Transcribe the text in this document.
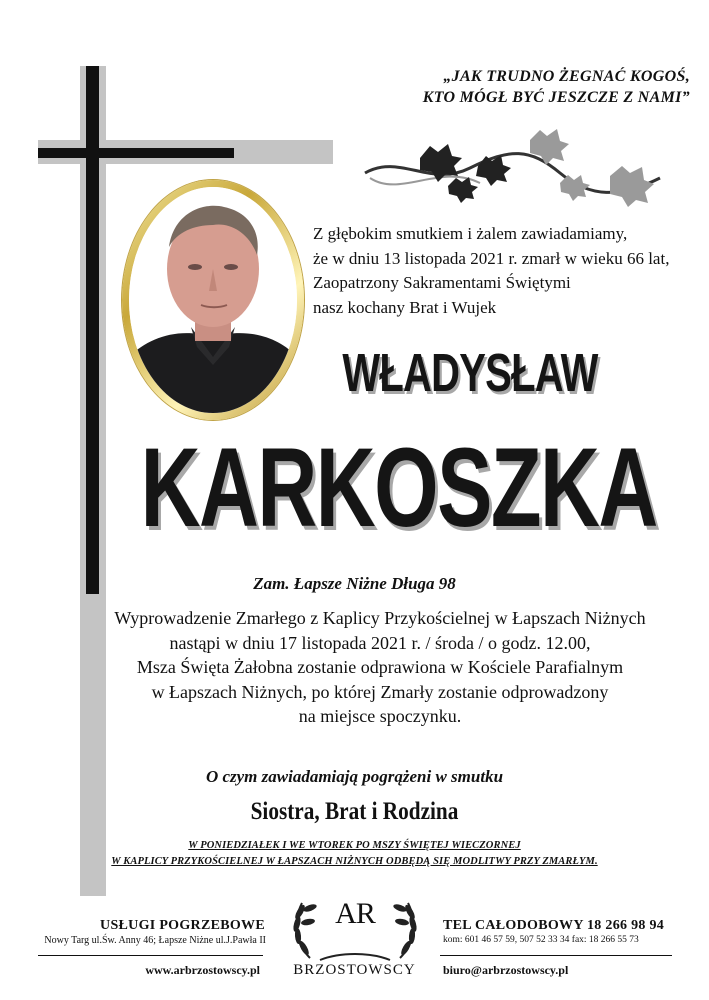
„JAK TRUDNO ŻEGNAĆ KOGOŚ,
KTO MÓGŁ BYĆ JESZCZE Z NAMI”
Z głębokim smutkiem i żalem zawiadamiamy,
że w dniu 13 listopada 2021 r. zmarł w wieku 66 lat,
Zaopatrzony Sakramentami Świętymi
nasz kochany Brat i Wujek
WŁADYSŁAW
KARKOSZKA
Zam. Łapsze Niżne Długa 98
Wyprowadzenie Zmarłego z Kaplicy Przykościelnej w Łapszach Niżnych
nastąpi w dniu 17 listopada 2021 r. / środa / o godz. 12.00,
Msza Święta Żałobna zostanie odprawiona w Kościele Parafialnym
w Łapszach Niżnych, po której Zmarły zostanie odprowadzony
na miejsce spoczynku.
O czym zawiadamiają pogrążeni w smutku
Siostra, Brat i Rodzina
W PONIEDZIAŁEK I WE WTOREK PO MSZY ŚWIĘTEJ WIECZORNEJ
W KAPLICY PRZYKOŚCIELNEJ W ŁAPSZACH NIŻNYCH ODBĘDĄ SIĘ MODLITWY PRZY ZMARŁYM.
USŁUGI POGRZEBOWE
Nowy Targ ul.Św. Anny 46; Łapsze Niżne ul.J.Pawła II
www.arbrzostowscy.pl
AR
BRZOSTOWSCY
TEL CAŁODOBOWY 18 266 98 94
kom: 601 46 57 59, 507 52 33 34 fax: 18 266 55 73
biuro@arbrzostowscy.pl
